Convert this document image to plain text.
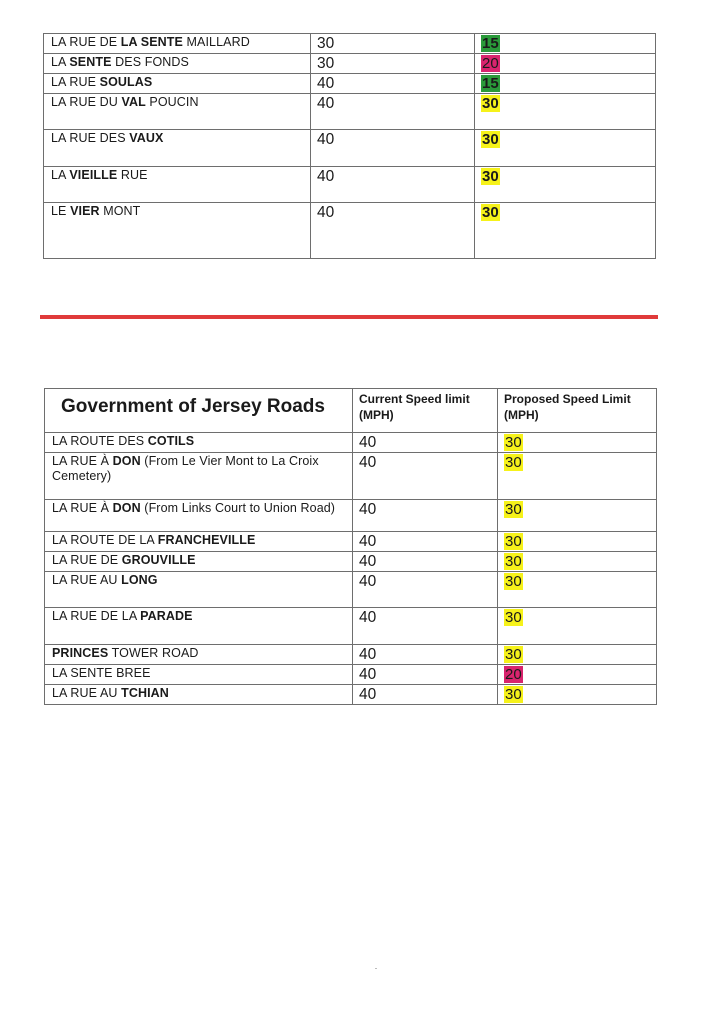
LA RUE DE LA SENTE MAILLARD	30	15
LA SENTE DES FONDS	30	20
LA RUE SOULAS	40	15
LA RUE DU VAL POUCIN	40	30
LA RUE DES VAUX	40	30
LA VIEILLE RUE	40	30
LE VIER MONT	40	30
Government of Jersey Roads	Current Speed limit (MPH)	Proposed Speed Limit (MPH)
LA ROUTE DES COTILS	40	30
LA RUE À DON (From Le Vier Mont to La Croix Cemetery)	40	30
LA RUE À DON (From Links Court to Union Road)	40	30
LA ROUTE DE LA FRANCHEVILLE	40	30
LA RUE DE GROUVILLE	40	30
LA RUE AU LONG	40	30
LA RUE DE LA PARADE	40	30
PRINCES TOWER ROAD	40	30
LA SENTE BREE	40	20
LA RUE AU TCHIAN	40	30
